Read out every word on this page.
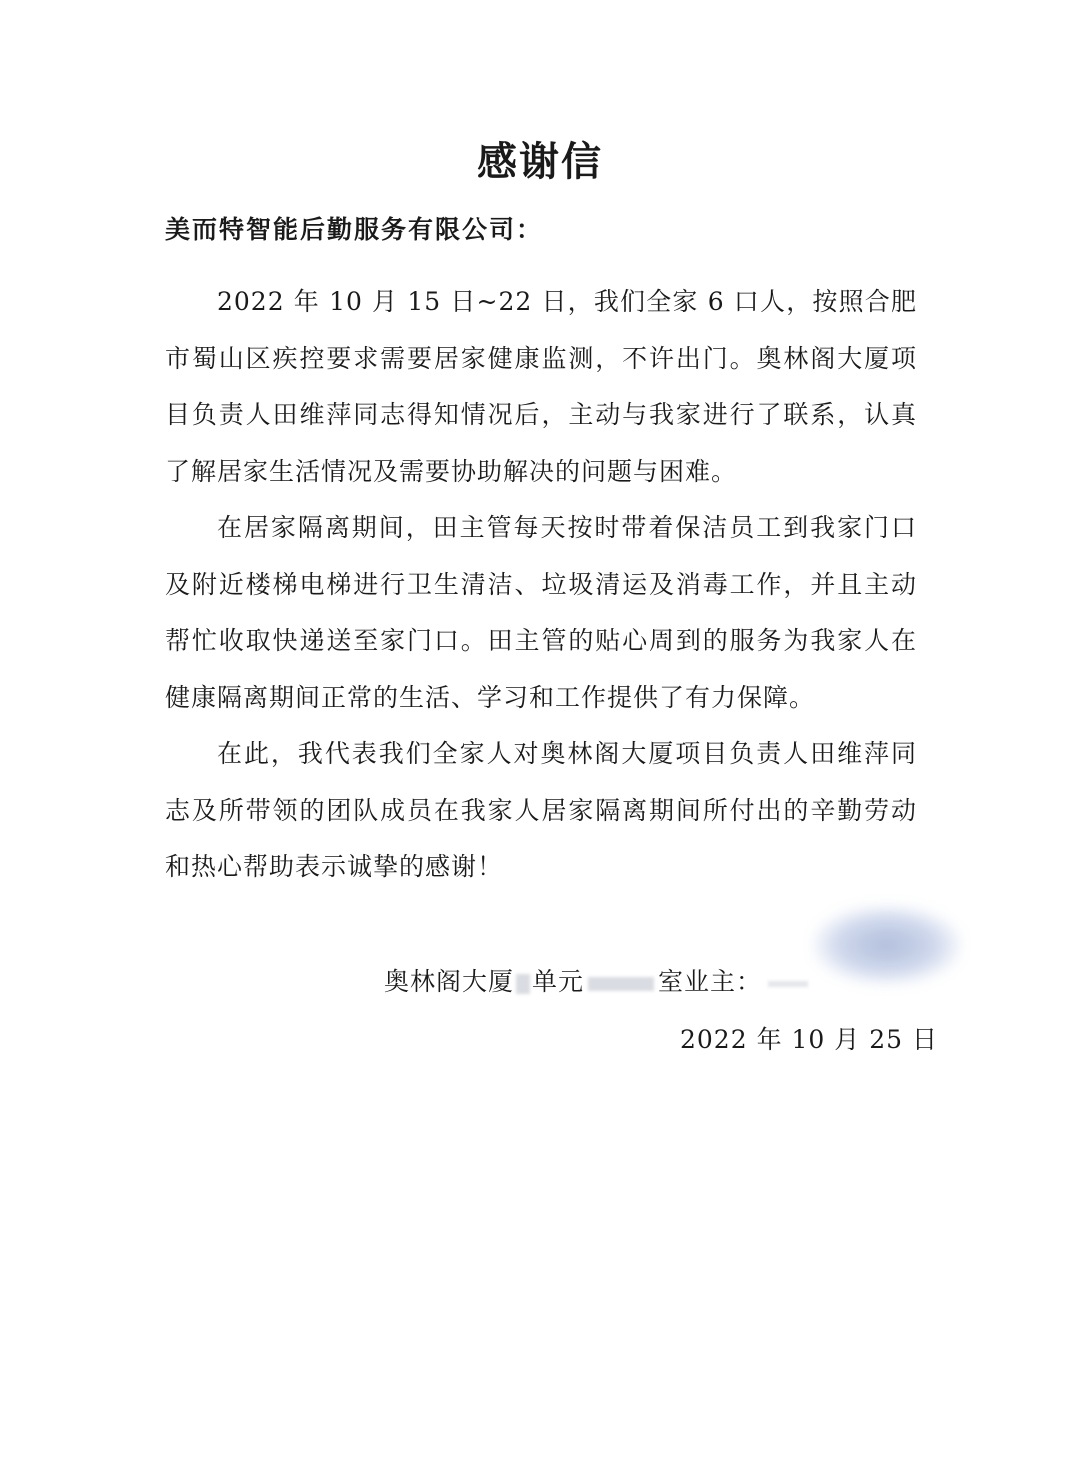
感谢信
美而特智能后勤服务有限公司：

2022 年 10 月 15 日~22 日，我们全家 6 口人，按照合肥市蜀山区疾控要求需要居家健康监测，不许出门。奥林阁大厦项目负责人田维萍同志得知情况后，主动与我家进行了联系，认真了解居家生活情况及需要协助解决的问题与困难。

在居家隔离期间，田主管每天按时带着保洁员工到我家门口及附近楼梯电梯进行卫生清洁、垃圾清运及消毒工作，并且主动帮忙收取快递送至家门口。田主管的贴心周到的服务为我家人在健康隔离期间正常的生活、学习和工作提供了有力保障。

在此，我代表我们全家人对奥林阁大厦项目负责人田维萍同志及所带领的团队成员在我家人居家隔离期间所付出的辛勤劳动和热心帮助表示诚挚的感谢！

奥林阁大厦 单元	室业主：
2022 年 10 月 25 日
